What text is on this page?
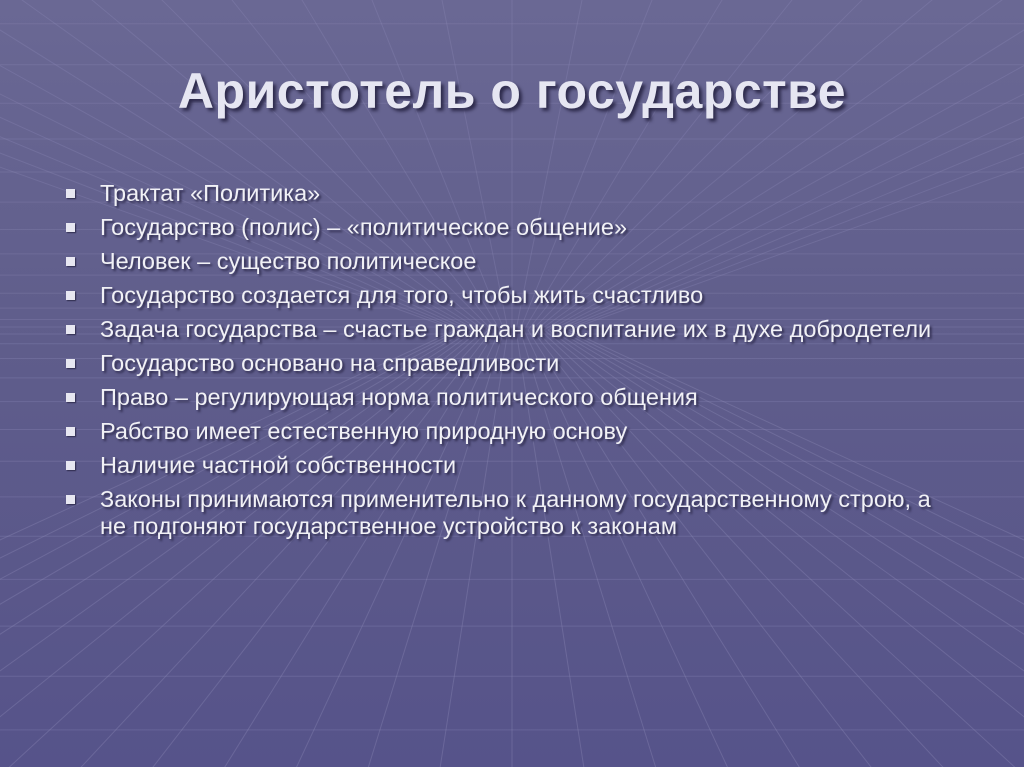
Аристотель о государстве
Трактат «Политика»
Государство (полис) – «политическое общение»
Человек – существо политическое
Государство создается для того, чтобы жить счастливо
Задача государства – счастье граждан и воспитание их в духе добродетели
Государство основано на справедливости
Право – регулирующая норма политического общения
Рабство имеет естественную природную основу
Наличие частной собственности
Законы принимаются применительно к данному государственному строю, а не подгоняют государственное устройство к законам
